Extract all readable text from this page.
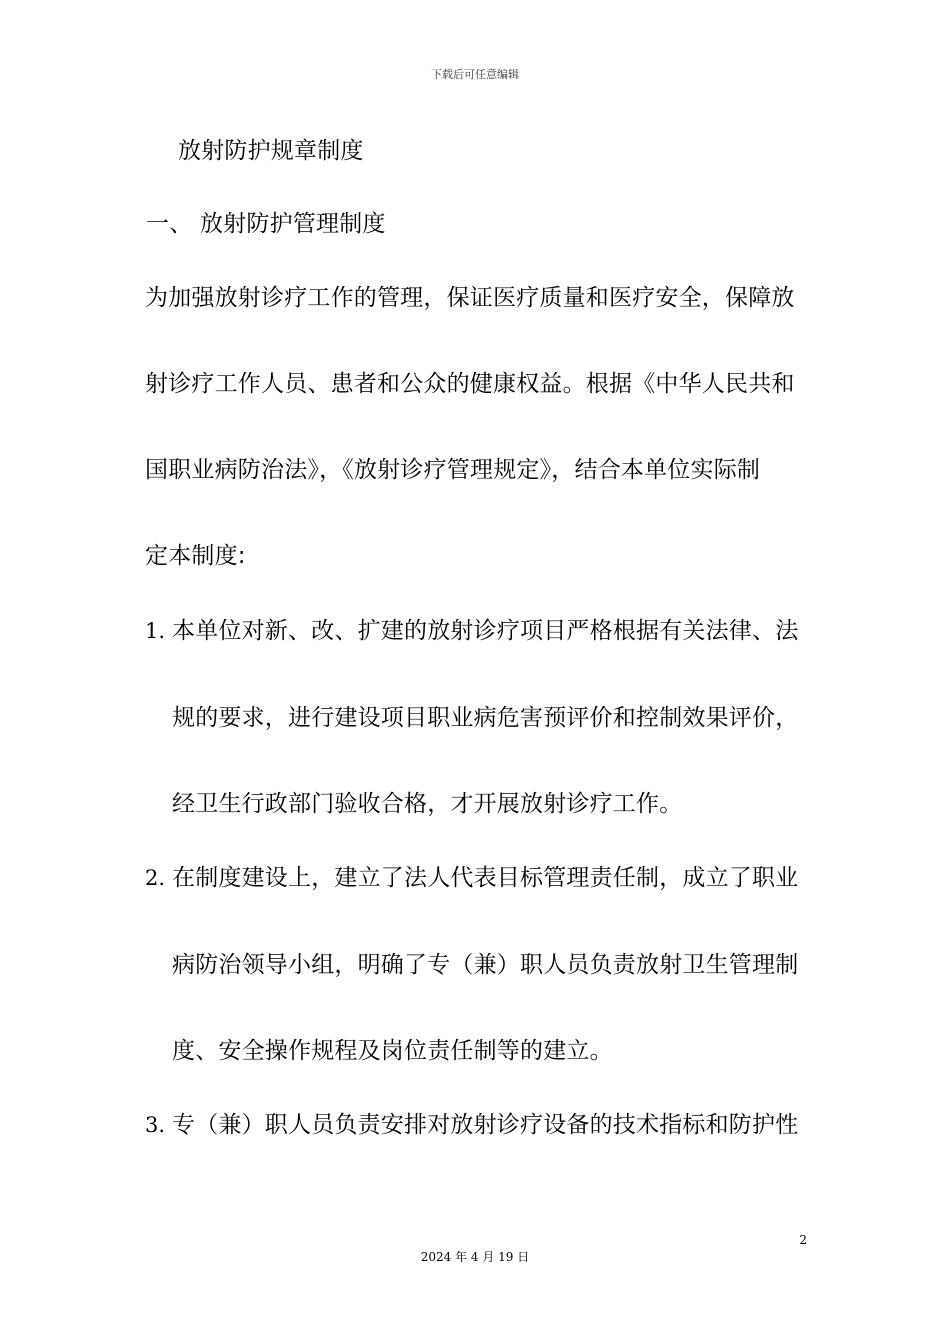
下载后可任意编辑
放射防护规章制度
一、 放射防护管理制度
为加强放射诊疗工作的管理，保证医疗质量和医疗安全，保障放
射诊疗工作人员、患者和公众的健康权益。根据《中华人民共和
国职业病防治法》，《放射诊疗管理规定》，结合本单位实际制
定本制度:
1. 本单位对新、改、扩建的放射诊疗项目严格根据有关法律、法
规的要求，进行建设项目职业病危害预评价和控制效果评价，
经卫生行政部门验收合格，才开展放射诊疗工作。
2. 在制度建设上，建立了法人代表目标管理责任制，成立了职业
病防治领导小组，明确了专（兼）职人员负责放射卫生管理制
度、安全操作规程及岗位责任制等的建立。
3. 专（兼）职人员负责安排对放射诊疗设备的技术指标和防护性
2
2024 年 4 月 19 日
